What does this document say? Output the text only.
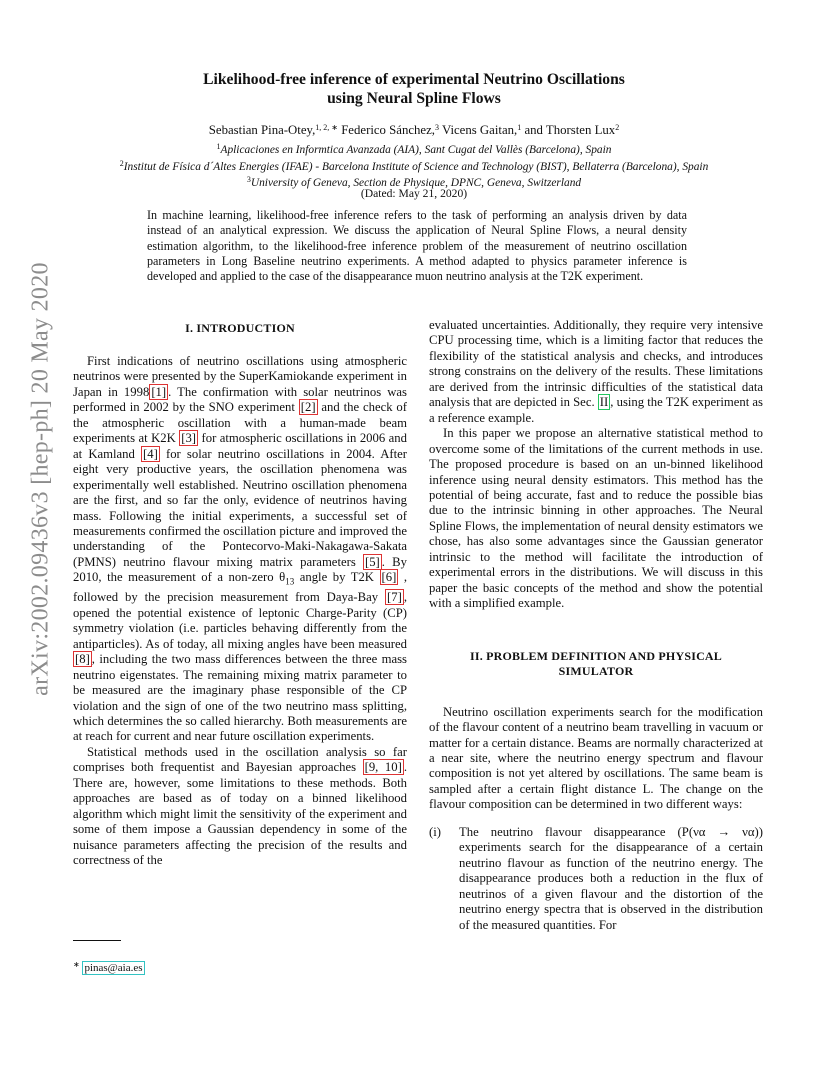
arXiv:2002.09436v3 [hep-ph] 20 May 2020
Likelihood-free inference of experimental Neutrino Oscillations
using Neural Spline Flows
Sebastian Pina-Otey,$^{1, 2, ∗}$ Federico Sánchez,$^3$ Vicens Gaitan,$^1$ and Thorsten Lux$^2$
$^1$Aplicaciones en Informtica Avanzada (AIA), Sant Cugat del Vallès (Barcelona), Spain
$^2$Institut de Física d´Altes Energies (IFAE) - Barcelona Institute of Science and Technology (BIST), Bellaterra (Barcelona), Spain
$^3$University of Geneva, Section de Physique, DPNC, Geneva, Switzerland
(Dated: May 21, 2020)
In machine learning, likelihood-free inference refers to the task of performing an analysis driven by data instead of an analytical expression. We discuss the application of Neural Spline Flows, a neural density estimation algorithm, to the likelihood-free inference problem of the measurement of neutrino oscillation parameters in Long Baseline neutrino experiments. A method adapted to physics parameter inference is developed and applied to the case of the disappearance muon neutrino analysis at the T2K experiment.
I. INTRODUCTION

First indications of neutrino oscillations using atmospheric neutrinos were presented by the SuperKamiokande experiment in Japan in 1998 [1] . The confirmation with solar neutrinos was performed in 2002 by the SNO experiment [2] and the check of the atmospheric oscillation with a human-made beam experiments at K2K [3] for atmospheric oscillations in 2006 and at Kamland [4] for solar neutrino oscillations in 2004. After eight very productive years, the oscillation phenomena was experimentally well established. Neutrino oscillation phenomena are the first, and so far the only, evidence of neutrinos having mass. Following the initial experiments, a successful set of measurements confirmed the oscillation picture and improved the understanding of the Pontecorvo-Maki-Nakagawa-Sakata (PMNS) neutrino flavour mixing matrix parameters [5] . By 2010, the measurement of a non-zero $\theta_{13}$ angle by T2K [6] , followed by the precision measurement from Daya-Bay [7] , opened the potential existence of leptonic Charge-Parity (CP) symmetry violation (i.e. particles behaving differently from the antiparticles). As of today, all mixing angles have been measured [8] , including the two mass differences between the three mass neutrino eigenstates. The remaining mixing matrix parameter to be measured are the imaginary phase responsible of the CP violation and the sign of one of the two neutrino mass splitting, which determines the so called hierarchy. Both measurements are at reach for current and near future oscillation experiments.

Statistical methods used in the oscillation analysis so far comprises both frequentist and Bayesian approaches [9, 10] . There are, however, some limitations to these methods. Both approaches are based as of today on a binned likelihood algorithm which might limit the sensitivity of the experiment and some of them impose a Gaussian dependency in some of the nuisance parameters affecting the precision of the results and correctness of the

evaluated uncertainties. Additionally, they require very intensive CPU processing time, which is a limiting factor that reduces the flexibility of the statistical analysis and checks, and introduces strong constrains on the delivery of the results. These limitations are derived from the intrinsic difficulties of the statistical data analysis that are depicted in Sec. II , using the T2K experiment as a reference example.

In this paper we propose an alternative statistical method to overcome some of the limitations of the current methods in use. The proposed procedure is based on an un-binned likelihood inference using neural density estimators. This method has the potential of being accurate, fast and to reduce the possible bias due to the intrinsic binning in other approaches. The Neural Spline Flows, the implementation of neural density estimators we chose, has also some advantages since the Gaussian generator intrinsic to the method will facilitate the introduction of experimental errors in the distributions. We will discuss in this paper the basic concepts of the method and show the potential with a simplified example.

II. PROBLEM DEFINITION AND PHYSICAL
SIMULATOR

Neutrino oscillation experiments search for the modification of the flavour content of a neutrino beam travelling in vacuum or matter for a certain distance. Beams are normally characterized at a near site, where the neutrino energy spectrum and flavour composition is not yet altered by oscillations. The same beam is sampled after a certain flight distance L. The change on the flavour composition can be determined in two different ways:

(i)	The neutrino flavour disappearance (P(να → να)) experiments search for the disappearance of a certain neutrino flavour as function of the neutrino energy. The disappearance produces both a reduction in the flux of neutrinos of a given flavour and the distortion of the neutrino energy spectra that is observed in the distribution of the measured quantities. For
∗ pinas@aia.es
